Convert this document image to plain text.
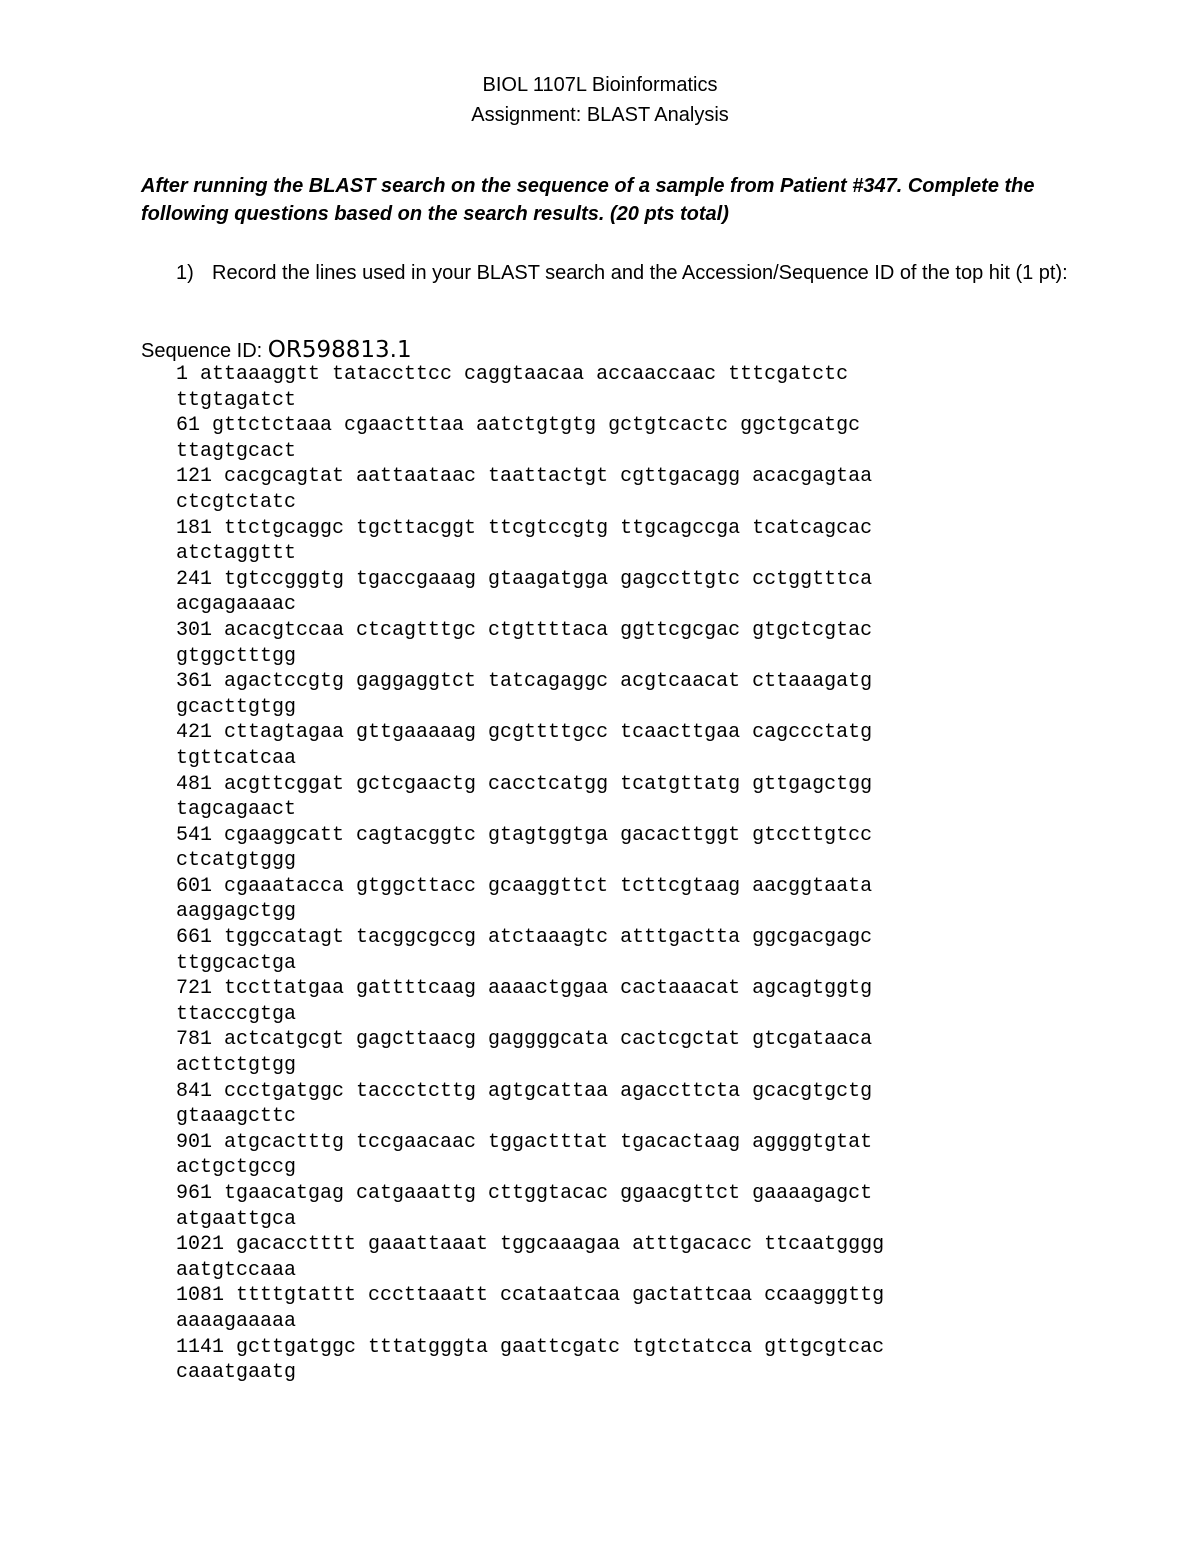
BIOL 1107L Bioinformatics
Assignment: BLAST Analysis
After running the BLAST search on the sequence of a sample from Patient #347. Complete the following questions based on the search results. (20 pts total)
1) Record the lines used in your BLAST search and the Accession/Sequence ID of the top hit (1 pt):
Sequence ID: OR598813.1
1 attaaaggtt tataccttcc caggtaacaa accaaccaac tttcgatctc
ttgtagatct
61 gttctctaaa cgaactttaa aatctgtgtg gctgtcactc ggctgcatgc
ttagtgcact
121 cacgcagtat aattaataac taattactgt cgttgacagg acacgagtaa
ctcgtctatc
181 ttctgcaggc tgcttacggt ttcgtccgtg ttgcagccga tcatcagcac
atctaggttt
241 tgtccgggtg tgaccgaaag gtaagatgga gagccttgtc cctggtttca
acgagaaaac
301 acacgtccaa ctcagtttgc ctgttttaca ggttcgcgac gtgctcgtac
gtggctttgg
361 agactccgtg gaggaggtct tatcagaggc acgtcaacat cttaaagatg
gcacttgtgg
421 cttagtagaa gttgaaaaag gcgttttgcc tcaacttgaa cagccctatg
tgttcatcaa
481 acgttcggat gctcgaactg cacctcatgg tcatgttatg gttgagctgg
tagcagaact
541 cgaaggcatt cagtacggtc gtagtggtga gacacttggt gtccttgtcc
ctcatgtggg
601 cgaaatacca gtggcttacc gcaaggttct tcttcgtaag aacggtaata
aaggagctgg
661 tggccatagt tacggcgccg atctaaagtc atttgactta ggcgacgagc
ttggcactga
721 tccttatgaa gattttcaag aaaactggaa cactaaacat agcagtggtg
ttacccgtga
781 actcatgcgt gagcttaacg gaggggcata cactcgctat gtcgataaca
acttctgtgg
841 ccctgatggc taccctcttg agtgcattaa agaccttcta gcacgtgctg
gtaaagcttc
901 atgcactttg tccgaacaac tggactttat tgacactaag aggggtgtat
actgctgccg
961 tgaacatgag catgaaattg cttggtacac ggaacgttct gaaaagagct
atgaattgca
1021 gacacctttt gaaattaaat tggcaaagaa atttgacacc ttcaatgggg
aatgtccaaa
1081 ttttgtattt cccttaaatt ccataatcaa gactattcaa ccaagggttg
aaaagaaaaa
1141 gcttgatggc tttatgggta gaattcgatc tgtctatcca gttgcgtcac
caaatgaatg
